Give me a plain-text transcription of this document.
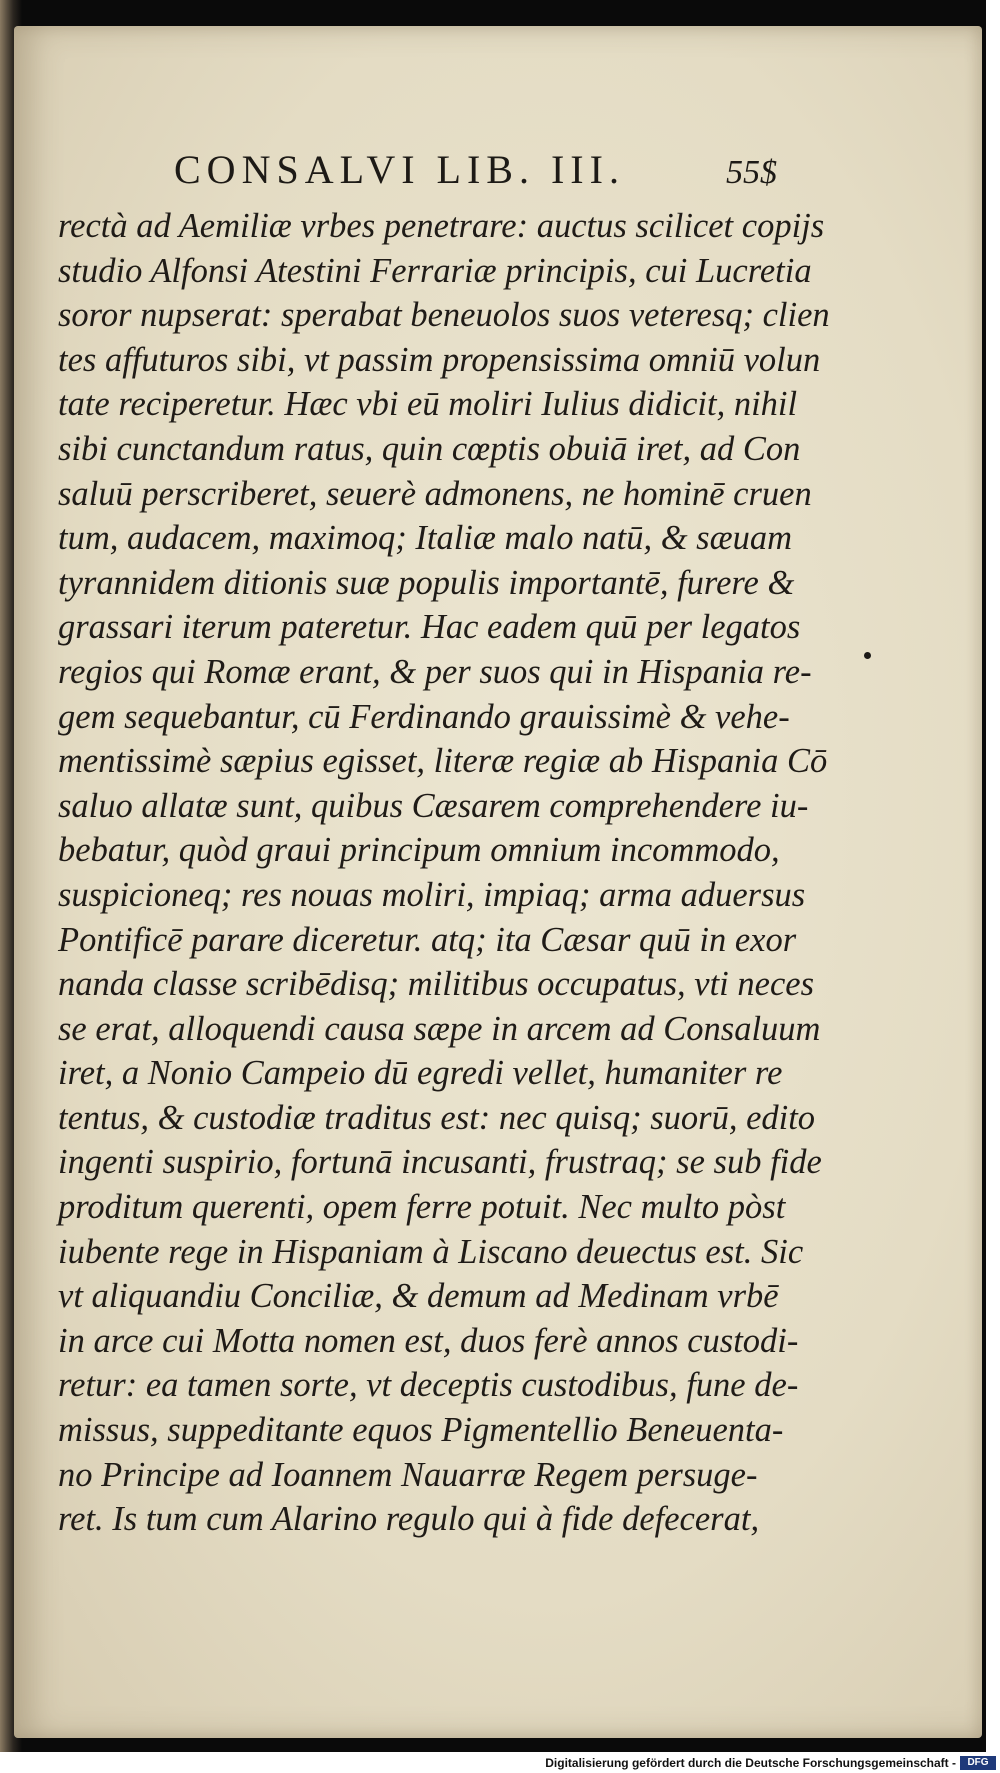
CONSALVI LIB. III.	55$
rectà ad Aemiliæ vrbes penetrare: auctus scilicet copijs
studio Alfonsi Atestini Ferrariæ principis, cui Lucretia
soror nupserat: sperabat beneuolos suos veteresq; clien
tes affuturos sibi, vt passim propensissima omniū volun
tate reciperetur. Hæc vbi eū moliri Iulius didicit, nihil
sibi cunctandum ratus, quin cœptis obuiā iret, ad Con
saluū perscriberet, seuerè admonens, ne hominē cruen
tum, audacem, maximoq; Italiæ malo natū, & sæuam
tyrannidem ditionis suæ populis importantē, furere &
grassari iterum pateretur. Hac eadem quū per legatos
regios qui Romæ erant, & per suos qui in Hispania re-
gem sequebantur, cū Ferdinando grauissimè & vehe-
mentissimè sæpius egisset, literæ regiæ ab Hispania Cō
saluo allatæ sunt, quibus Cæsarem comprehendere iu-
bebatur, quòd graui principum omnium incommodo,
suspicioneq; res nouas moliri, impiaq; arma aduersus
Pontificē parare diceretur. atq; ita Cæsar quū in exor
nanda classe scribēdisq; militibus occupatus, vti neces
se erat, alloquendi causa sæpe in arcem ad Consaluum
iret, a Nonio Campeio dū egredi vellet, humaniter re
tentus, & custodiæ traditus est: nec quisq; suorū, edito
ingenti suspirio, fortunā incusanti, frustraq; se sub fide
proditum querenti, opem ferre potuit. Nec multo pòst
iubente rege in Hispaniam à Liscano deuectus est. Sic
vt aliquandiu Conciliæ, & demum ad Medinam vrbē
in arce cui Motta nomen est, duos ferè annos custodi-
retur: ea tamen sorte, vt deceptis custodibus, fune de-
missus, suppeditante equos Pigmentellio Beneuenta-
no Principe ad Ioannem Nauarræ Regem persuge-
ret. Is tum cum Alarino regulo qui à fide defecerat,
Digitalisierung gefördert durch die Deutsche Forschungsgemeinschaft -	DFG
